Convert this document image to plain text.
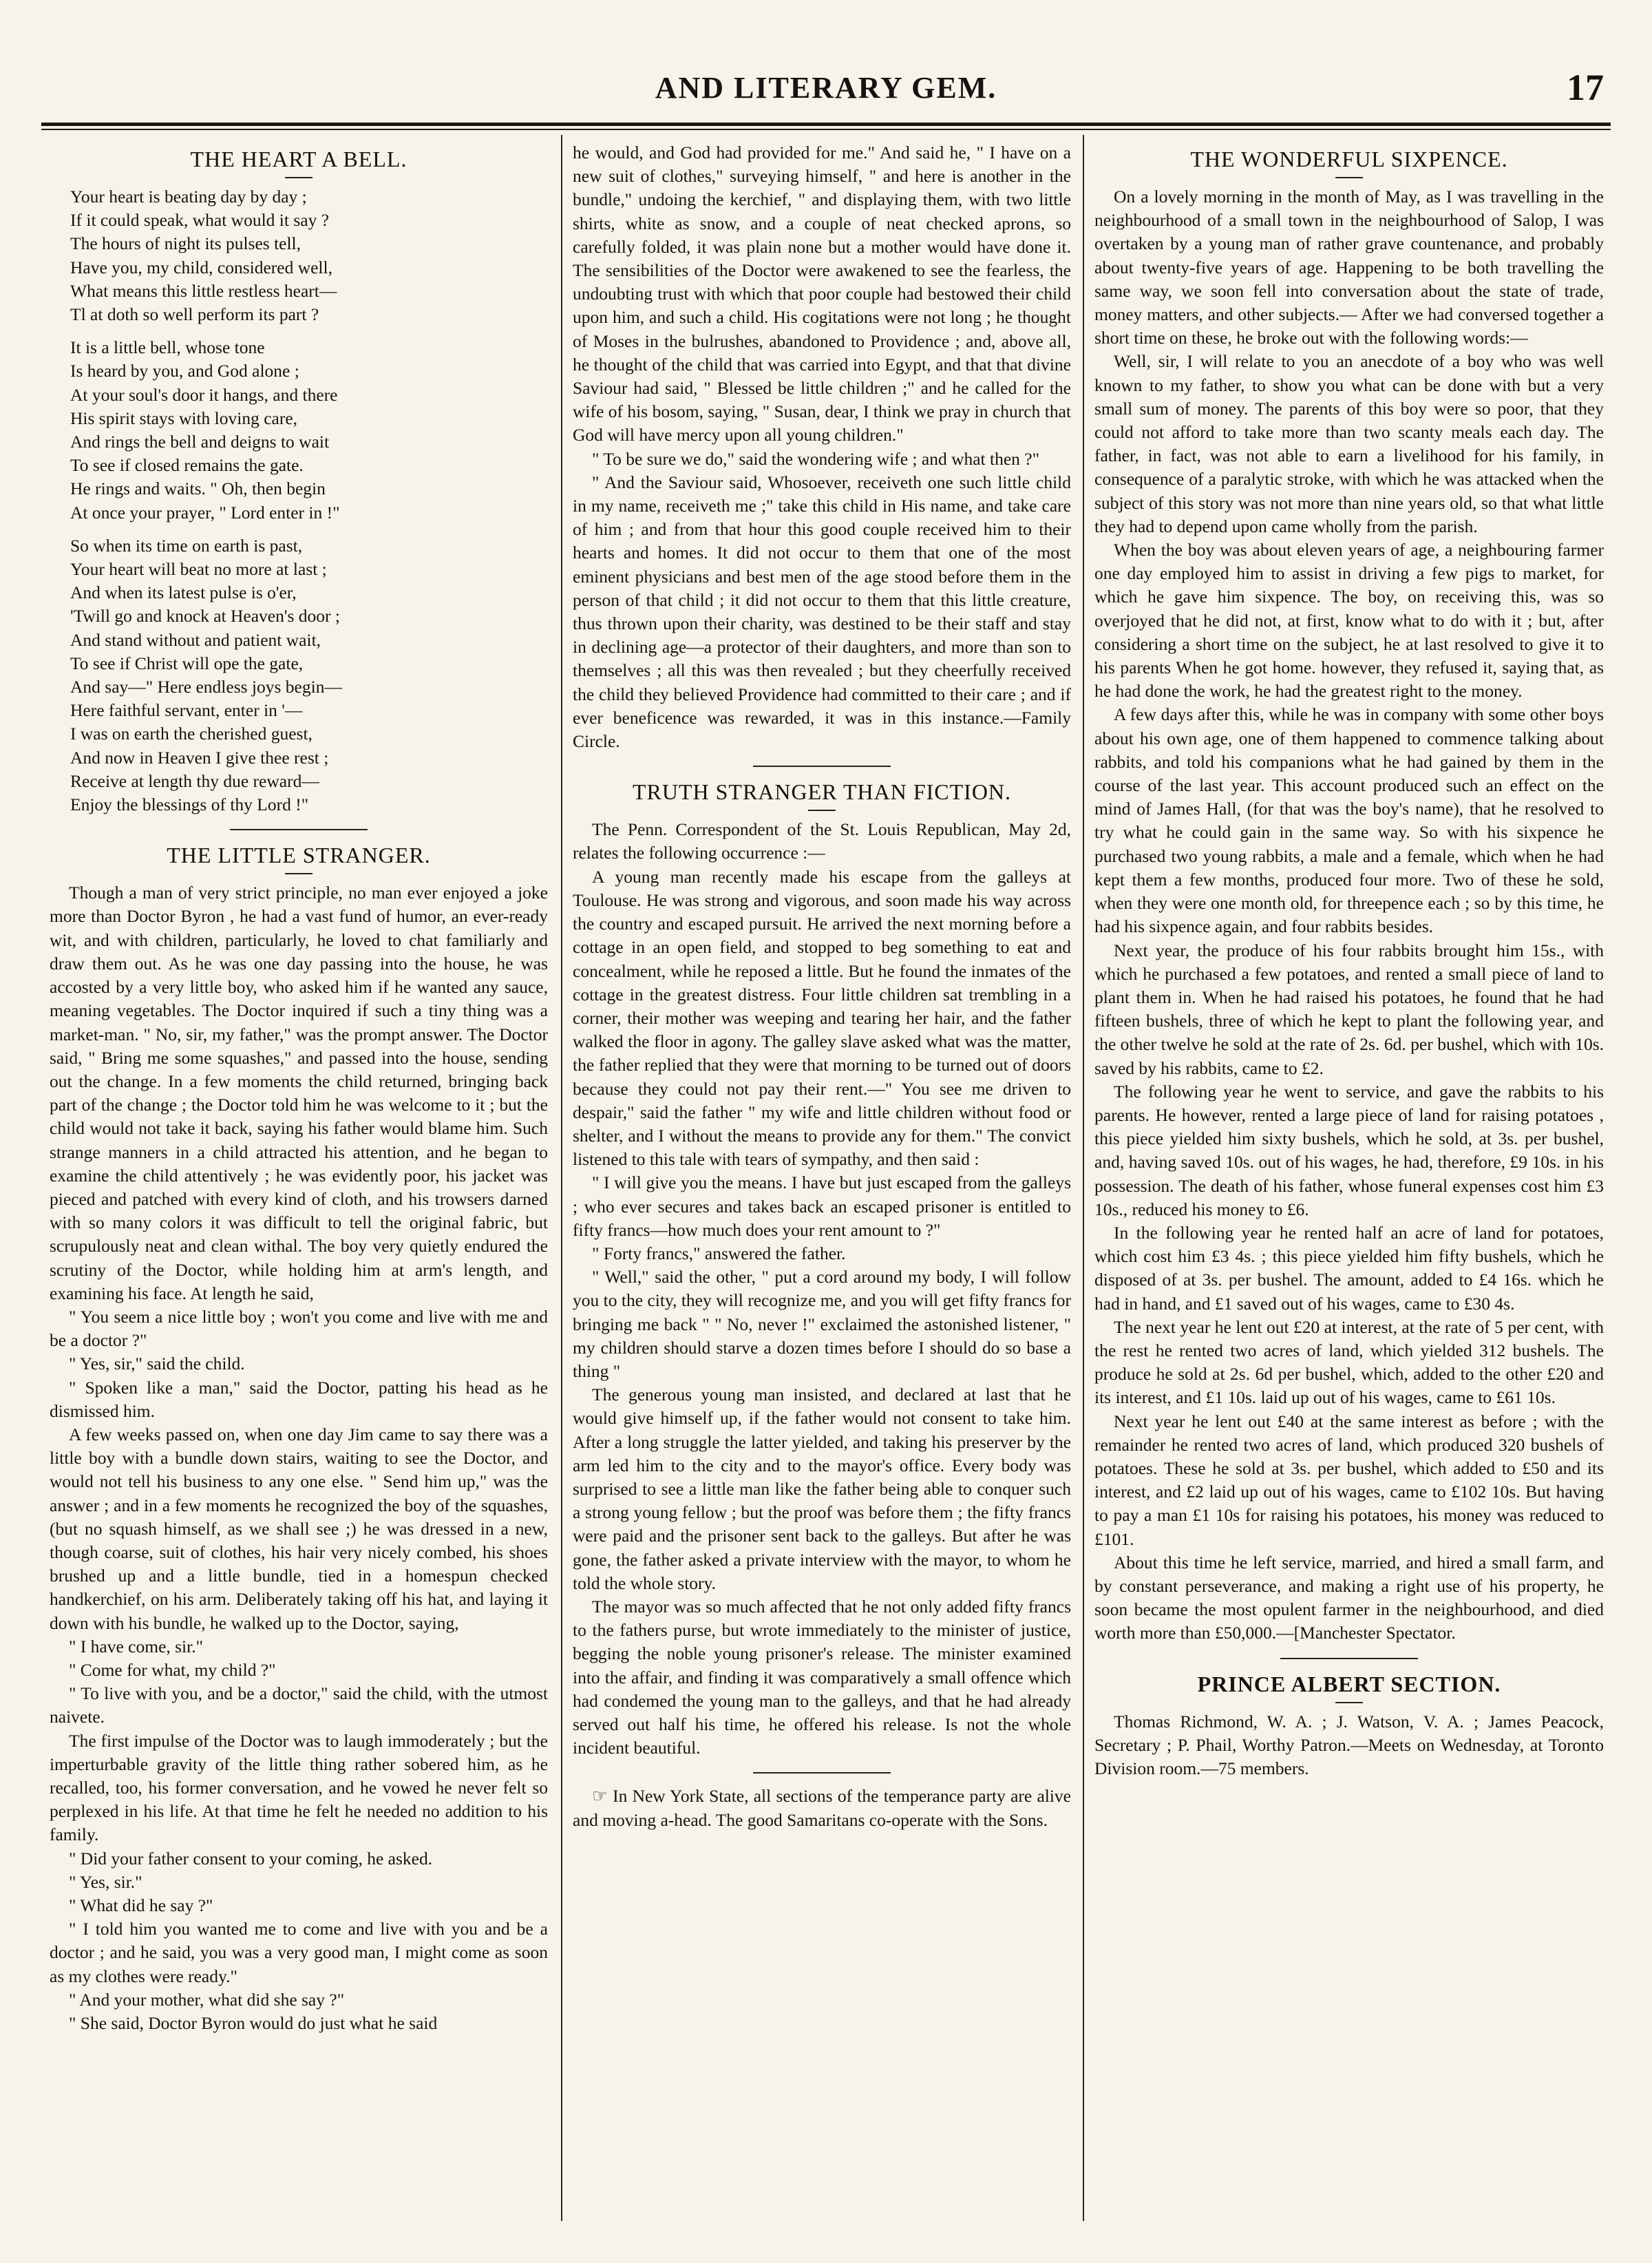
AND LITERARY GEM.	17
THE HEART A BELL.
Your heart is beating day by day ;
If it could speak, what would it say ?
The hours of night its pulses tell,
Have you, my child, considered well,
What means this little restless heart—
Tl at doth so well perform its part ?
It is a little bell, whose tone
Is heard by you, and God alone ;
At your soul's door it hangs, and there
His spirit stays with loving care,
And rings the bell and deigns to wait
To see if closed remains the gate.
He rings and waits. " Oh, then begin
At once your prayer, " Lord enter in !"
So when its time on earth is past,
Your heart will beat no more at last ;
And when its latest pulse is o'er,
'Twill go and knock at Heaven's door ;
And stand without and patient wait,
To see if Christ will ope the gate,
And say—" Here endless joys begin—
Here faithful servant, enter in '—
I was on earth the cherished guest,
And now in Heaven I give thee rest ;
Receive at length thy due reward—
Enjoy the blessings of thy Lord !"
THE LITTLE STRANGER.

Though a man of very strict principle, no man ever enjoyed a joke more than Doctor Byron , he had a vast fund of humor, an ever-ready wit, and with children, particularly, he loved to chat familiarly and draw them out. As he was one day passing into the house, he was accosted by a very little boy, who asked him if he wanted any sauce, meaning vegetables. The Doctor inquired if such a tiny thing was a market-man. " No, sir, my father," was the prompt answer. The Doctor said, " Bring me some squashes," and passed into the house, sending out the change. In a few moments the child returned, bringing back part of the change ; the Doctor told him he was welcome to it ; but the child would not take it back, saying his father would blame him. Such strange manners in a child attracted his attention, and he began to examine the child attentively ; he was evidently poor, his jacket was pieced and patched with every kind of cloth, and his trowsers darned with so many colors it was difficult to tell the original fabric, but scrupulously neat and clean withal. The boy very quietly endured the scrutiny of the Doctor, while holding him at arm's length, and examining his face. At length he said,

" You seem a nice little boy ; won't you come and live with me and be a doctor ?"

" Yes, sir," said the child.

" Spoken like a man," said the Doctor, patting his head as he dismissed him.

A few weeks passed on, when one day Jim came to say there was a little boy with a bundle down stairs, waiting to see the Doctor, and would not tell his business to any one else. " Send him up," was the answer ; and in a few moments he recognized the boy of the squashes, (but no squash himself, as we shall see ;) he was dressed in a new, though coarse, suit of clothes, his hair very nicely combed, his shoes brushed up and a little bundle, tied in a homespun checked handkerchief, on his arm. Deliberately taking off his hat, and laying it down with his bundle, he walked up to the Doctor, saying,

" I have come, sir."

" Come for what, my child ?"

" To live with you, and be a doctor," said the child, with the utmost naivete.

The first impulse of the Doctor was to laugh immoderately ; but the imperturbable gravity of the little thing rather sobered him, as he recalled, too, his former conversation, and he vowed he never felt so perplexed in his life. At that time he felt he needed no addition to his family.

" Did your father consent to your coming, he asked.

" Yes, sir."

" What did he say ?"

" I told him you wanted me to come and live with you and be a doctor ; and he said, you was a very good man, I might come as soon as my clothes were ready."

" And your mother, what did she say ?"

" She said, Doctor Byron would do just what he said

he would, and God had provided for me." And said he, " I have on a new suit of clothes," surveying himself, " and here is another in the bundle," undoing the kerchief, " and displaying them, with two little shirts, white as snow, and a couple of neat checked aprons, so carefully folded, it was plain none but a mother would have done it. The sensibilities of the Doctor were awakened to see the fearless, the undoubting trust with which that poor couple had bestowed their child upon him, and such a child. His cogitations were not long ; he thought of Moses in the bulrushes, abandoned to Providence ; and, above all, he thought of the child that was carried into Egypt, and that that divine Saviour had said, " Blessed be little children ;" and he called for the wife of his bosom, saying, " Susan, dear, I think we pray in church that God will have mercy upon all young children."

" To be sure we do," said the wondering wife ; and what then ?"

" And the Saviour said, Whosoever, receiveth one such little child in my name, receiveth me ;" take this child in His name, and take care of him ; and from that hour this good couple received him to their hearts and homes. It did not occur to them that one of the most eminent physicians and best men of the age stood before them in the person of that child ; it did not occur to them that this little creature, thus thrown upon their charity, was destined to be their staff and stay in declining age—a protector of their daughters, and more than son to themselves ; all this was then revealed ; but they cheerfully received the child they believed Providence had committed to their care ; and if ever beneficence was rewarded, it was in this instance.—Family Circle.

TRUTH STRANGER THAN FICTION.

The Penn. Correspondent of the St. Louis Republican, May 2d, relates the following occurrence :—

A young man recently made his escape from the galleys at Toulouse. He was strong and vigorous, and soon made his way across the country and escaped pursuit. He arrived the next morning before a cottage in an open field, and stopped to beg something to eat and concealment, while he reposed a little. But he found the inmates of the cottage in the greatest distress. Four little children sat trembling in a corner, their mother was weeping and tearing her hair, and the father walked the floor in agony. The galley slave asked what was the matter, the father replied that they were that morning to be turned out of doors because they could not pay their rent.—" You see me driven to despair," said the father " my wife and little children without food or shelter, and I without the means to provide any for them." The convict listened to this tale with tears of sympathy, and then said :

" I will give you the means. I have but just escaped from the galleys ; who ever secures and takes back an escaped prisoner is entitled to fifty francs—how much does your rent amount to ?"

" Forty francs," answered the father.

" Well," said the other, " put a cord around my body, I will follow you to the city, they will recognize me, and you will get fifty francs for bringing me back " " No, never !" exclaimed the astonished listener, " my children should starve a dozen times before I should do so base a thing "

The generous young man insisted, and declared at last that he would give himself up, if the father would not consent to take him. After a long struggle the latter yielded, and taking his preserver by the arm led him to the city and to the mayor's office. Every body was surprised to see a little man like the father being able to conquer such a strong young fellow ; but the proof was before them ; the fifty francs were paid and the prisoner sent back to the galleys. But after he was gone, the father asked a private interview with the mayor, to whom he told the whole story.

The mayor was so much affected that he not only added fifty francs to the fathers purse, but wrote immediately to the minister of justice, begging the noble young prisoner's release. The minister examined into the affair, and finding it was comparatively a small offence which had condemed the young man to the galleys, and that he had already served out half his time, he offered his release. Is not the whole incident beautiful.

☞ In New York State, all sections of the temperance party are alive and moving a-head. The good Samaritans co-operate with the Sons.

THE WONDERFUL SIXPENCE.

On a lovely morning in the month of May, as I was travelling in the neighbourhood of a small town in the neighbourhood of Salop, I was overtaken by a young man of rather grave countenance, and probably about twenty-five years of age. Happening to be both travelling the same way, we soon fell into conversation about the state of trade, money matters, and other subjects.— After we had conversed together a short time on these, he broke out with the following words:—

Well, sir, I will relate to you an anecdote of a boy who was well known to my father, to show you what can be done with but a very small sum of money. The parents of this boy were so poor, that they could not afford to take more than two scanty meals each day. The father, in fact, was not able to earn a livelihood for his family, in consequence of a paralytic stroke, with which he was attacked when the subject of this story was not more than nine years old, so that what little they had to depend upon came wholly from the parish.

When the boy was about eleven years of age, a neighbouring farmer one day employed him to assist in driving a few pigs to market, for which he gave him sixpence. The boy, on receiving this, was so overjoyed that he did not, at first, know what to do with it ; but, after considering a short time on the subject, he at last resolved to give it to his parents When he got home. however, they refused it, saying that, as he had done the work, he had the greatest right to the money.

A few days after this, while he was in company with some other boys about his own age, one of them happened to commence talking about rabbits, and told his companions what he had gained by them in the course of the last year. This account produced such an effect on the mind of James Hall, (for that was the boy's name), that he resolved to try what he could gain in the same way. So with his sixpence he purchased two young rabbits, a male and a female, which when he had kept them a few months, produced four more. Two of these he sold, when they were one month old, for threepence each ; so by this time, he had his sixpence again, and four rabbits besides.

Next year, the produce of his four rabbits brought him 15s., with which he purchased a few potatoes, and rented a small piece of land to plant them in. When he had raised his potatoes, he found that he had fifteen bushels, three of which he kept to plant the following year, and the other twelve he sold at the rate of 2s. 6d. per bushel, which with 10s. saved by his rabbits, came to £2.

The following year he went to service, and gave the rabbits to his parents. He however, rented a large piece of land for raising potatoes , this piece yielded him sixty bushels, which he sold, at 3s. per bushel, and, having saved 10s. out of his wages, he had, therefore, £9 10s. in his possession. The death of his father, whose funeral expenses cost him £3 10s., reduced his money to £6.

In the following year he rented half an acre of land for potatoes, which cost him £3 4s. ; this piece yielded him fifty bushels, which he disposed of at 3s. per bushel. The amount, added to £4 16s. which he had in hand, and £1 saved out of his wages, came to £30 4s.

The next year he lent out £20 at interest, at the rate of 5 per cent, with the rest he rented two acres of land, which yielded 312 bushels. The produce he sold at 2s. 6d per bushel, which, added to the other £20 and its interest, and £1 10s. laid up out of his wages, came to £61 10s.

Next year he lent out £40 at the same interest as before ; with the remainder he rented two acres of land, which produced 320 bushels of potatoes. These he sold at 3s. per bushel, which added to £50 and its interest, and £2 laid up out of his wages, came to £102 10s. But having to pay a man £1 10s for raising his potatoes, his money was reduced to £101.

About this time he left service, married, and hired a small farm, and by constant perseverance, and making a right use of his property, he soon became the most opulent farmer in the neighbourhood, and died worth more than £50,000.—[Manchester Spectator.

PRINCE ALBERT SECTION.

Thomas Richmond, W. A. ; J. Watson, V. A. ; James Peacock, Secretary ; P. Phail, Worthy Patron.—Meets on Wednesday, at Toronto Division room.—75 members.
